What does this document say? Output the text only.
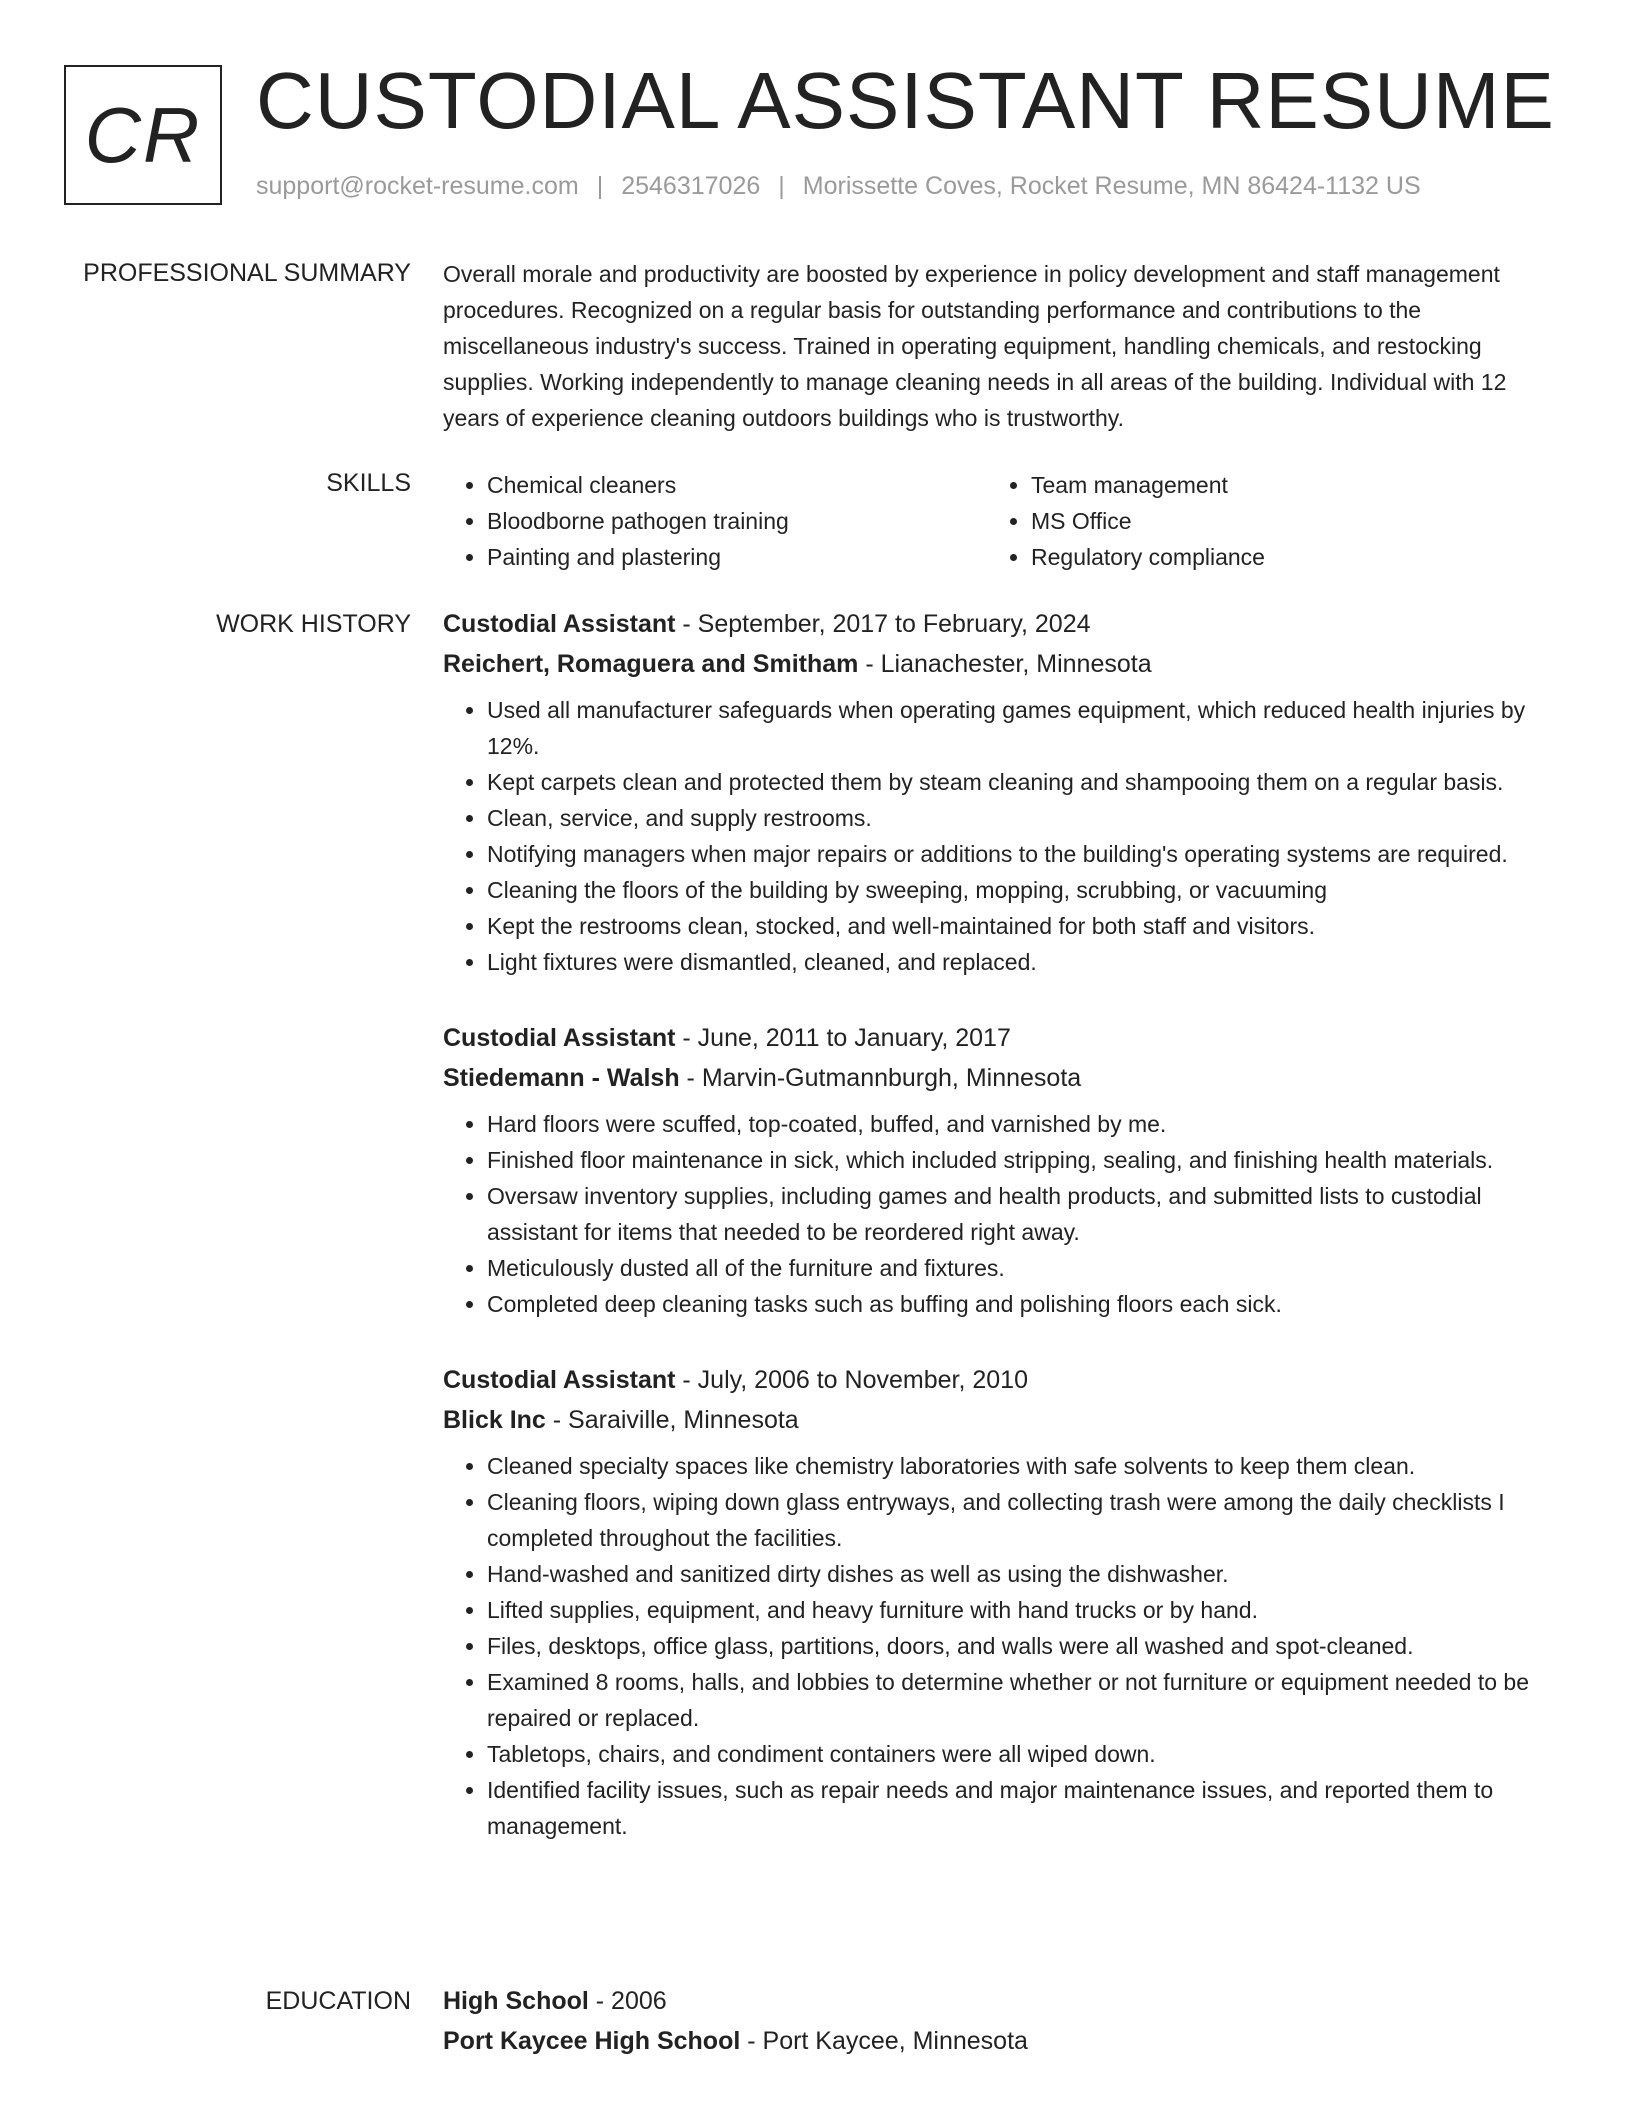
CR CUSTODIAL ASSISTANT RESUME
support@rocket-resume.com | 2546317026 | Morissette Coves, Rocket Resume, MN 86424-1132 US
PROFESSIONAL SUMMARY Overall morale and productivity are boosted by experience in policy development and staff management procedures. Recognized on a regular basis for outstanding performance and contributions to the miscellaneous industry's success. Trained in operating equipment, handling chemicals, and restocking supplies. Working independently to manage cleaning needs in all areas of the building. Individual with 12 years of experience cleaning outdoors buildings who is trustworthy.

SKILLS
•	Chemical cleaners
• Bloodborne pathogen training
• Painting and plastering
• Team management
• MS Office
• Regulatory compliance
WORK HISTORY Custodial Assistant - September, 2017 to February, 2024
Reichert, Romaguera and Smitham - Lianachester, Minnesota
• Used all manufacturer safeguards when operating games equipment, which reduced health injuries by 12%.
• Kept carpets clean and protected them by steam cleaning and shampooing them on a regular basis.
• Clean, service, and supply restrooms.
• Notifying managers when major repairs or additions to the building's operating systems are required.
• Cleaning the floors of the building by sweeping, mopping, scrubbing, or vacuuming
• Kept the restrooms clean, stocked, and well-maintained for both staff and visitors.
• Light fixtures were dismantled, cleaned, and replaced.
Custodial Assistant - June, 2011 to January, 2017
Stiedemann - Walsh - Marvin-Gutmannburgh, Minnesota
• Hard floors were scuffed, top-coated, buffed, and varnished by me.
• Finished floor maintenance in sick, which included stripping, sealing, and finishing health materials.
• Oversaw inventory supplies, including games and health products, and submitted lists to custodial assistant for items that needed to be reordered right away.
• Meticulously dusted all of the furniture and fixtures.
• Completed deep cleaning tasks such as buffing and polishing floors each sick.
Custodial Assistant - July, 2006 to November, 2010
Blick Inc - Saraiville, Minnesota
• Cleaned specialty spaces like chemistry laboratories with safe solvents to keep them clean.
• Cleaning floors, wiping down glass entryways, and collecting trash were among the daily checklists I completed throughout the facilities.
• Hand-washed and sanitized dirty dishes as well as using the dishwasher.
• Lifted supplies, equipment, and heavy furniture with hand trucks or by hand.
• Files, desktops, office glass, partitions, doors, and walls were all washed and spot-cleaned.
• Examined 8 rooms, halls, and lobbies to determine whether or not furniture or equipment needed to be repaired or replaced.
• Tabletops, chairs, and condiment containers were all wiped down.
• Identified facility issues, such as repair needs and major maintenance issues, and reported them to management.
EDUCATION High School - 2006
Port Kaycee High School - Port Kaycee, Minnesota
